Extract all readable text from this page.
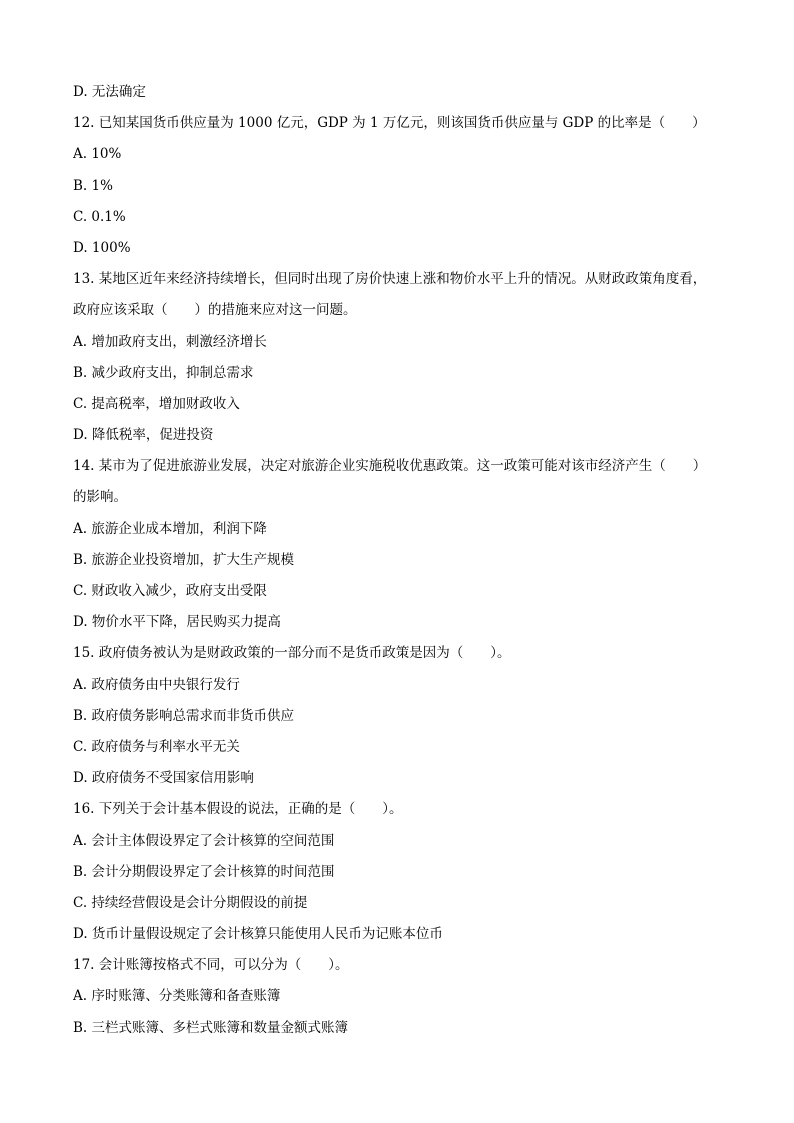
D. 无法确定
12. 已知某国货币供应量为 1000 亿元，GDP 为 1 万亿元，则该国货币供应量与 GDP 的比率是（　　）
A. 10%
B. 1%
C. 0.1%
D. 100%
13. 某地区近年来经济持续增长，但同时出现了房价快速上涨和物价水平上升的情况。从财政政策角度看，
政府应该采取（　　）的措施来应对这一问题。
A. 增加政府支出，刺激经济增长
B. 减少政府支出，抑制总需求
C. 提高税率，增加财政收入
D. 降低税率，促进投资
14. 某市为了促进旅游业发展，决定对旅游企业实施税收优惠政策。这一政策可能对该市经济产生（　　）
的影响。
A. 旅游企业成本增加，利润下降
B. 旅游企业投资增加，扩大生产规模
C. 财政收入减少，政府支出受限
D. 物价水平下降，居民购买力提高
15. 政府债务被认为是财政政策的一部分而不是货币政策是因为（　　）。
A. 政府债务由中央银行发行
B. 政府债务影响总需求而非货币供应
C. 政府债务与利率水平无关
D. 政府债务不受国家信用影响
16. 下列关于会计基本假设的说法，正确的是（　　）。
A. 会计主体假设界定了会计核算的空间范围
B. 会计分期假设界定了会计核算的时间范围
C. 持续经营假设是会计分期假设的前提
D. 货币计量假设规定了会计核算只能使用人民币为记账本位币
17. 会计账簿按格式不同，可以分为（　　）。
A. 序时账簿、分类账簿和备查账簿
B. 三栏式账簿、多栏式账簿和数量金额式账簿
